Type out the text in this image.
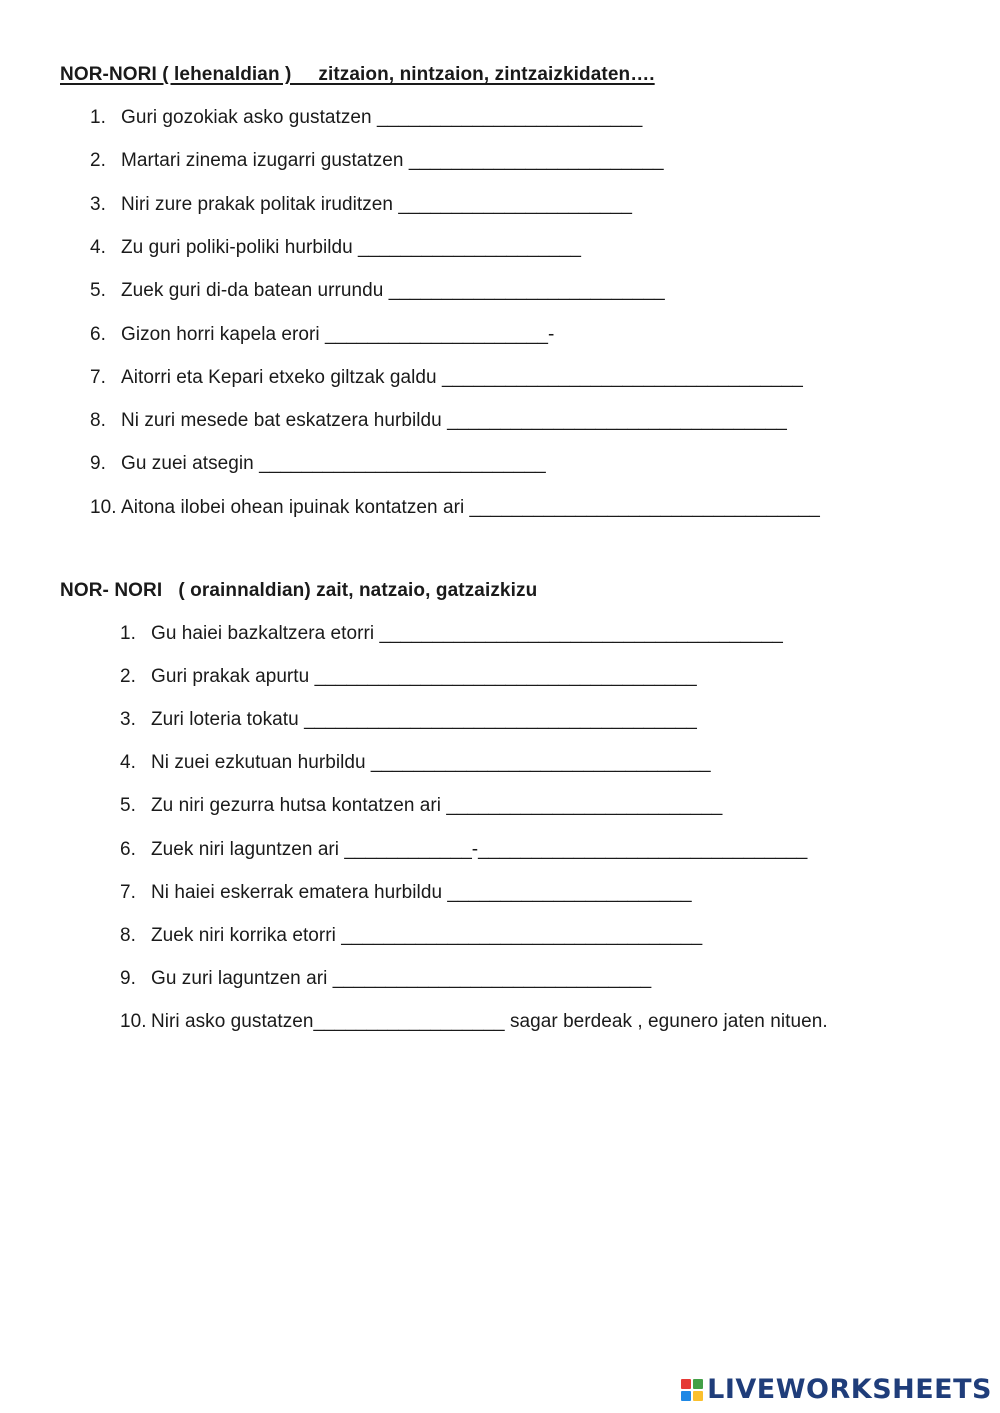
NOR-NORI ( lehenaldian )     zitzaion, nintzaion, zintzaizkidaten….
1. Guri gozokiak asko gustatzen _________________________
2. Martari zinema izugarri gustatzen ________________________
3. Niri zure prakak politak iruditzen ______________________
4. Zu guri poliki-poliki hurbildu _____________________
5. Zuek guri di-da batean urrundu __________________________
6. Gizon horri kapela erori _____________________-
7. Aitorri eta Kepari etxeko giltzak galdu __________________________________
8. Ni zuri mesede bat eskatzera hurbildu ________________________________
9. Gu zuei atsegin ___________________________
10. Aitona ilobei ohean ipuinak kontatzen ari _________________________________
NOR- NORI   ( orainnaldian) zait, natzaio, gatzaizkizu
1. Gu haiei bazkaltzera etorri ______________________________________
2. Guri prakak apurtu ____________________________________
3. Zuri loteria tokatu _____________________________________
4. Ni zuei ezkutuan hurbildu ________________________________
5. Zu niri gezurra hutsa kontatzen ari __________________________
6. Zuek niri laguntzen ari ____________-_______________________________
7. Ni haiei eskerrak ematera hurbildu _______________________
8. Zuek niri korrika etorri __________________________________
9. Gu zuri laguntzen ari ______________________________
10. Niri asko gustatzen__________________ sagar berdeak , egunero jaten nituen.
LIVEWORKSHEETS
